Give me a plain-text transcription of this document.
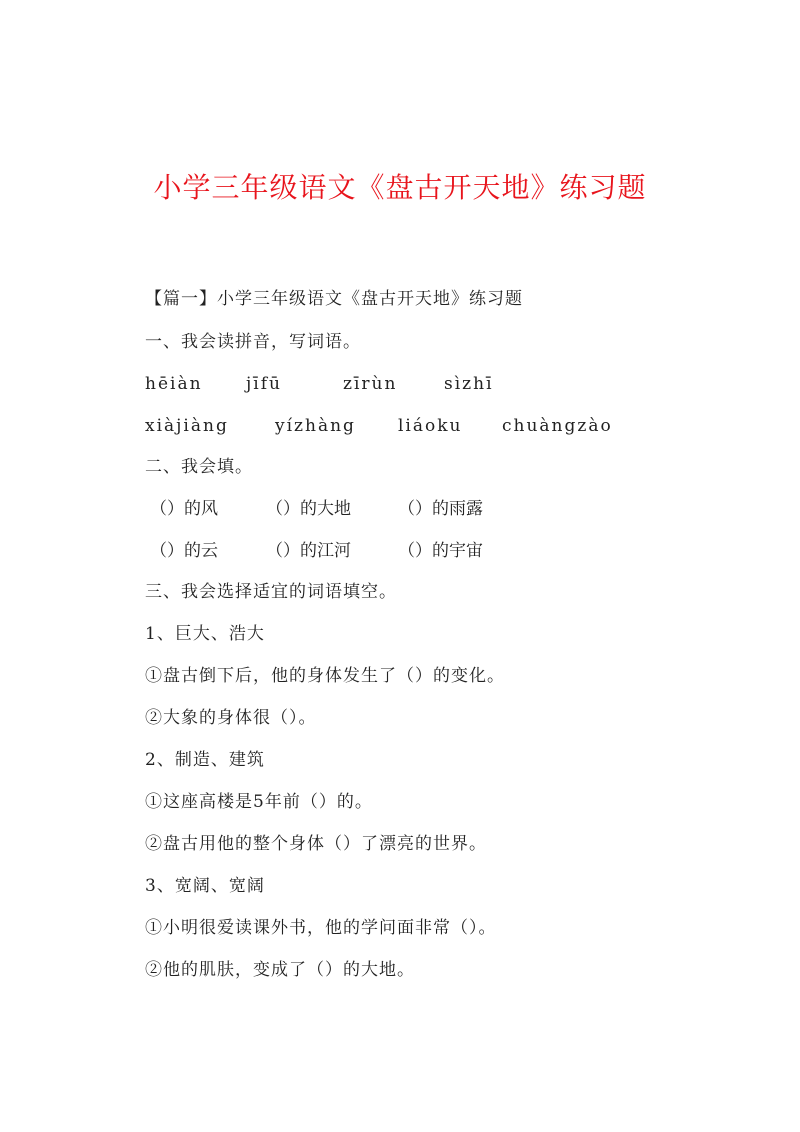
小学三年级语文《盘古开天地》练习题
【篇一】小学三年级语文《盘古开天地》练习题
一、我会读拼音，写词语。
hēiàn	jīfū	zīrùn	sìzhī
xiàjiàng	yízhàng liáoku chuàngzào
二、我会填。
（）的风	（）的大地	（）的雨露
（）的云	（）的江河	（）的宇宙
三、我会选择适宜的词语填空。
1、巨大、浩大
①盘古倒下后，他的身体发生了（）的变化。
②大象的身体很（）。
2、制造、建筑
①这座高楼是5年前（）的。
②盘古用他的整个身体（）了漂亮的世界。
3、宽阔、宽阔
①小明很爱读课外书，他的学问面非常（）。
②他的肌肤，变成了（）的大地。
